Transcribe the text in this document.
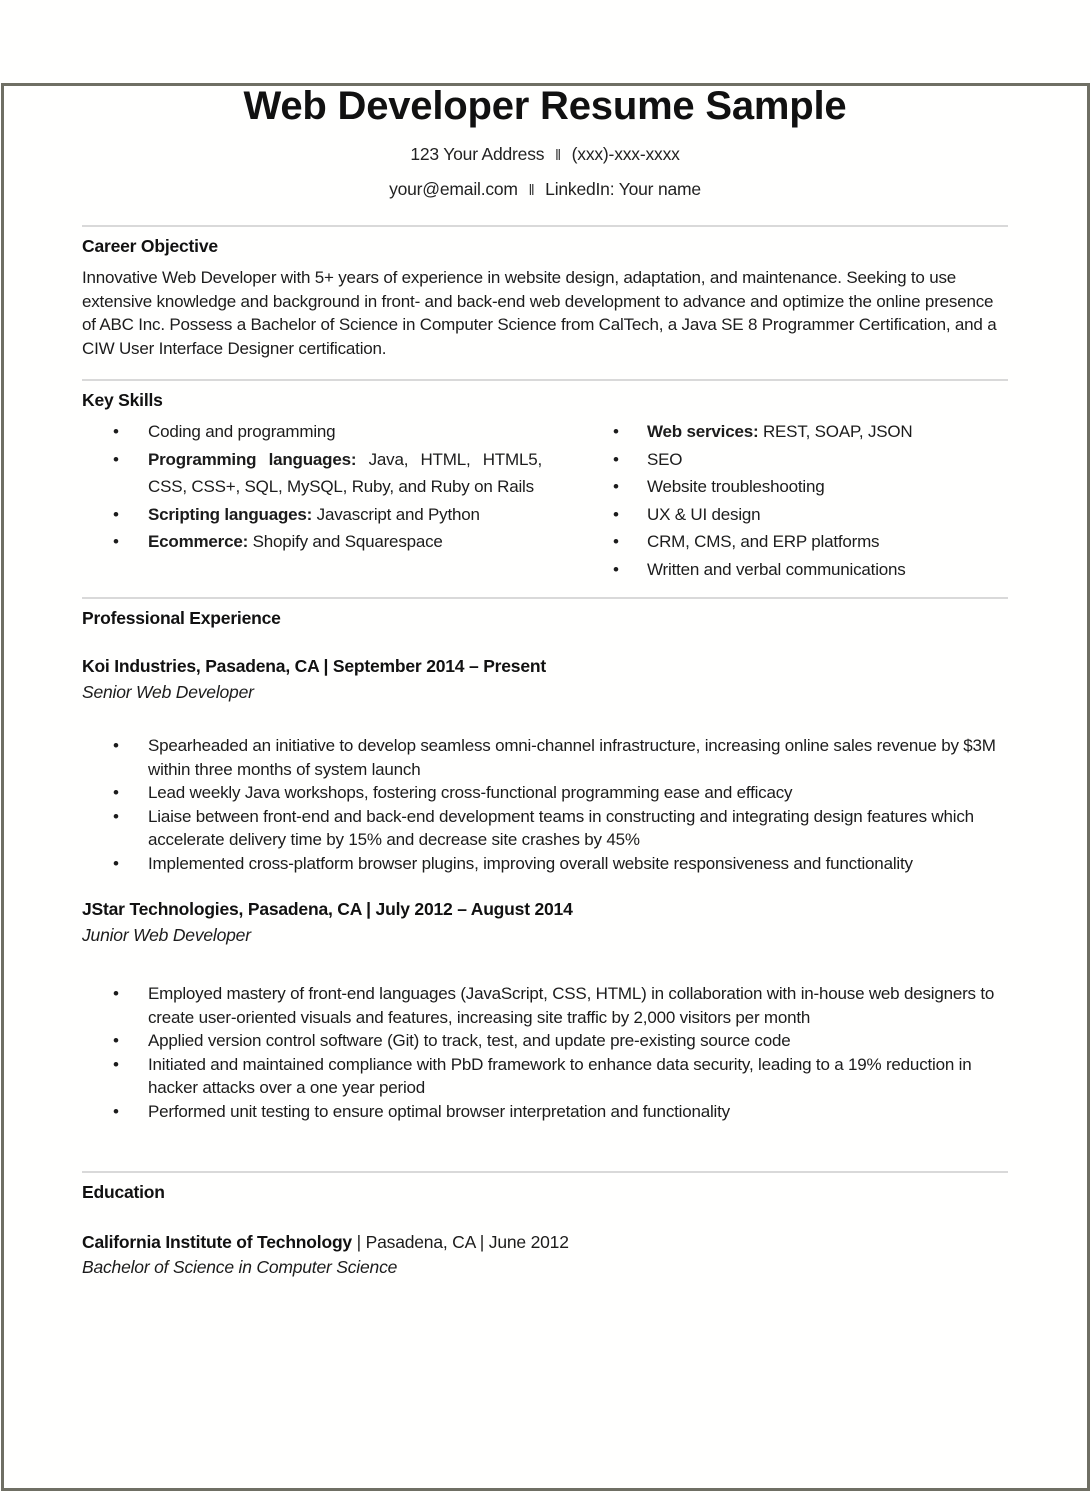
Web Developer Resume Sample
123 Your Address ‖ (xxx)-xxx-xxxx
your@email.com ‖ LinkedIn: Your name
Career Objective
Innovative Web Developer with 5+ years of experience in website design, adaptation, and maintenance. Seeking to use extensive knowledge and background in front- and back-end web development to advance and optimize the online presence of ABC Inc. Possess a Bachelor of Science in Computer Science from CalTech, a Java SE 8 Programmer Certification, and a CIW User Interface Designer certification.
Key Skills
• Coding and programming
• Programming languages: Java, HTML, HTML5, CSS, CSS+, SQL, MySQL, Ruby, and Ruby on Rails
• Scripting languages: Javascript and Python
• Ecommerce: Shopify and Squarespace
• Web services: REST, SOAP, JSON
• SEO
• Website troubleshooting
• UX & UI design
• CRM, CMS, and ERP platforms
• Written and verbal communications
Professional Experience
Koi Industries, Pasadena, CA | September 2014 – Present
Senior Web Developer
• Spearheaded an initiative to develop seamless omni-channel infrastructure, increasing online sales revenue by $3M within three months of system launch
• Lead weekly Java workshops, fostering cross-functional programming ease and efficacy
• Liaise between front-end and back-end development teams in constructing and integrating design features which accelerate delivery time by 15% and decrease site crashes by 45%
• Implemented cross-platform browser plugins, improving overall website responsiveness and functionality
JStar Technologies, Pasadena, CA | July 2012 – August 2014
Junior Web Developer
• Employed mastery of front-end languages (JavaScript, CSS, HTML) in collaboration with in-house web designers to create user-oriented visuals and features, increasing site traffic by 2,000 visitors per month
• Applied version control software (Git) to track, test, and update pre-existing source code
• Initiated and maintained compliance with PbD framework to enhance data security, leading to a 19% reduction in hacker attacks over a one year period
• Performed unit testing to ensure optimal browser interpretation and functionality
Education
California Institute of Technology | Pasadena, CA | June 2012
Bachelor of Science in Computer Science
